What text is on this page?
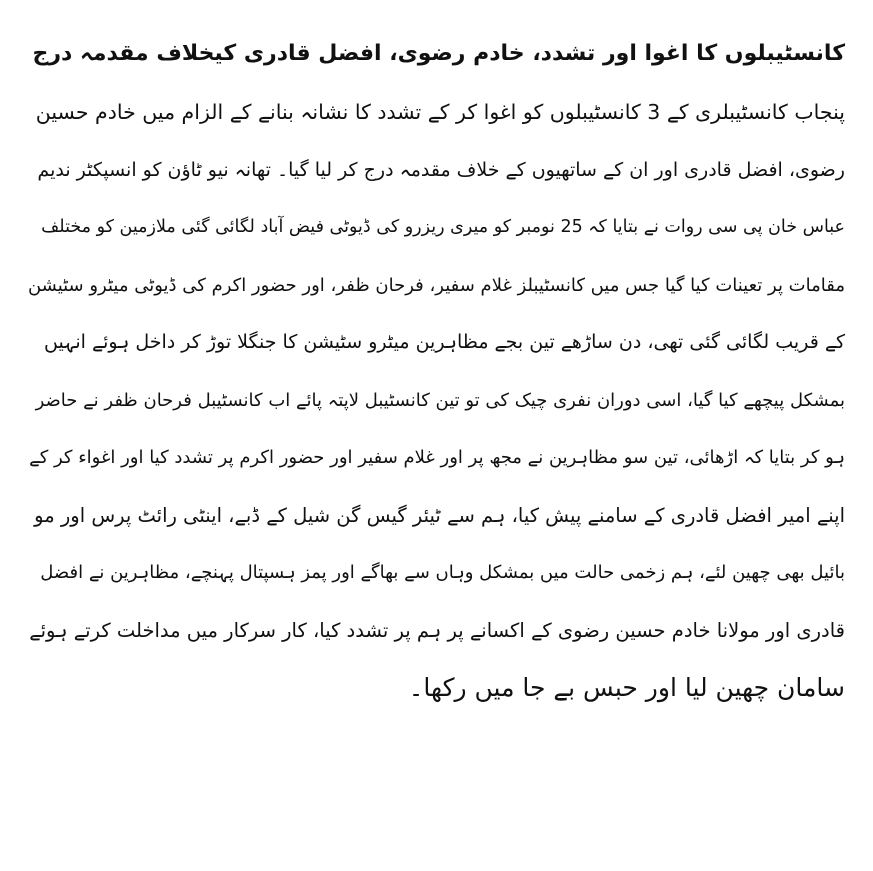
کانسٹیبلوں کا اغوا اور تشدد، خادم رضوی، افضل قادری کیخلاف مقدمہ درج
پنجاب کانسٹیبلری کے 3 کانسٹیبلوں کو اغوا کر کے تشدد کا نشانہ بنانے کے الزام میں خادم حسین
رضوی، افضل قادری اور ان کے ساتھیوں کے خلاف مقدمہ درج کر لیا گیا۔ تھانہ نیو ٹاؤن کو انسپکٹر ندیم
عباس خان پی سی روات نے بتایا کہ 25 نومبر کو میری ریزرو کی ڈیوٹی فیض آباد لگائی گئی ملازمین کو مختلف
مقامات پر تعینات کیا گیا جس میں کانسٹیبلز غلام سفیر، فرحان ظفر، اور حضور اکرم کی ڈیوٹی میٹرو سٹیشن
کے قریب لگائی گئی تھی، دن ساڑھے تین بجے مظاہرین میٹرو سٹیشن کا جنگلا توڑ کر داخل ہوئے انہیں
بمشکل پیچھے کیا گیا، اسی دوران نفری چیک کی تو تین کانسٹیبل لاپتہ پائے اب کانسٹیبل فرحان ظفر نے حاضر
ہو کر بتایا کہ اڑھائی، تین سو مظاہرین نے مجھ پر اور غلام سفیر اور حضور اکرم پر تشدد کیا اور اغواء کر کے
اپنے امیر افضل قادری کے سامنے پیش کیا، ہم سے ٹیئر گیس گن شیل کے ڈبے، اینٹی رائٹ پرس اور مو
بائیل بھی چھین لئے، ہم زخمی حالت میں بمشکل وہاں سے بھاگے اور پمز ہسپتال پہنچے، مظاہرین نے افضل
قادری اور مولانا خادم حسین رضوی کے اکسانے پر ہم پر تشدد کیا، کار سرکار میں مداخلت کرتے ہوئے
سامان چھین لیا اور حبس بے جا میں رکھا۔
